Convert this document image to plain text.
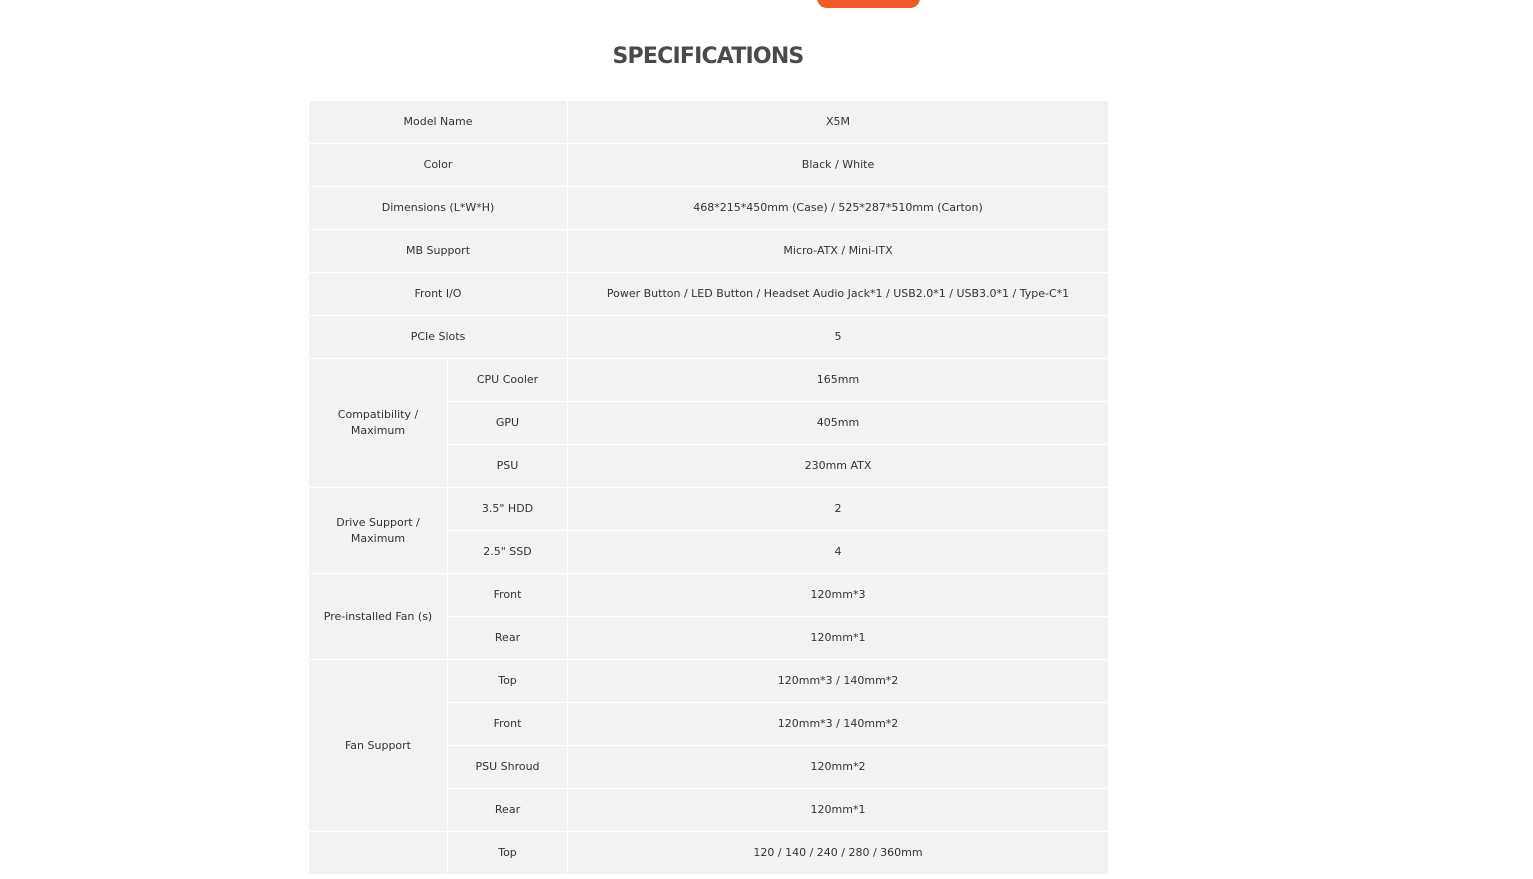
SPECIFICATIONS
Model Name		X5M
Color		Black / White
Dimensions (L*W*H)		468*215*450mm (Case) / 525*287*510mm (Carton)
MB Support		Micro-ATX / Mini-ITX
Front I/O		Power Button / LED Button / Headset Audio Jack*1 / USB2.0*1 / USB3.0*1 / Type-C*1
PCIe Slots		5
Compatibility / Maximum	CPU Cooler	165mm
	GPU	405mm
	PSU	230mm ATX
Drive Support / Maximum	3.5" HDD	2
	2.5" SSD	4
Pre-installed Fan (s)	Front	120mm*3
	Rear	120mm*1
Fan Support	Top	120mm*3 / 140mm*2
	Front	120mm*3 / 140mm*2
	PSU Shroud	120mm*2
	Rear	120mm*1
	Top	120 / 140 / 240 / 280 / 360mm
